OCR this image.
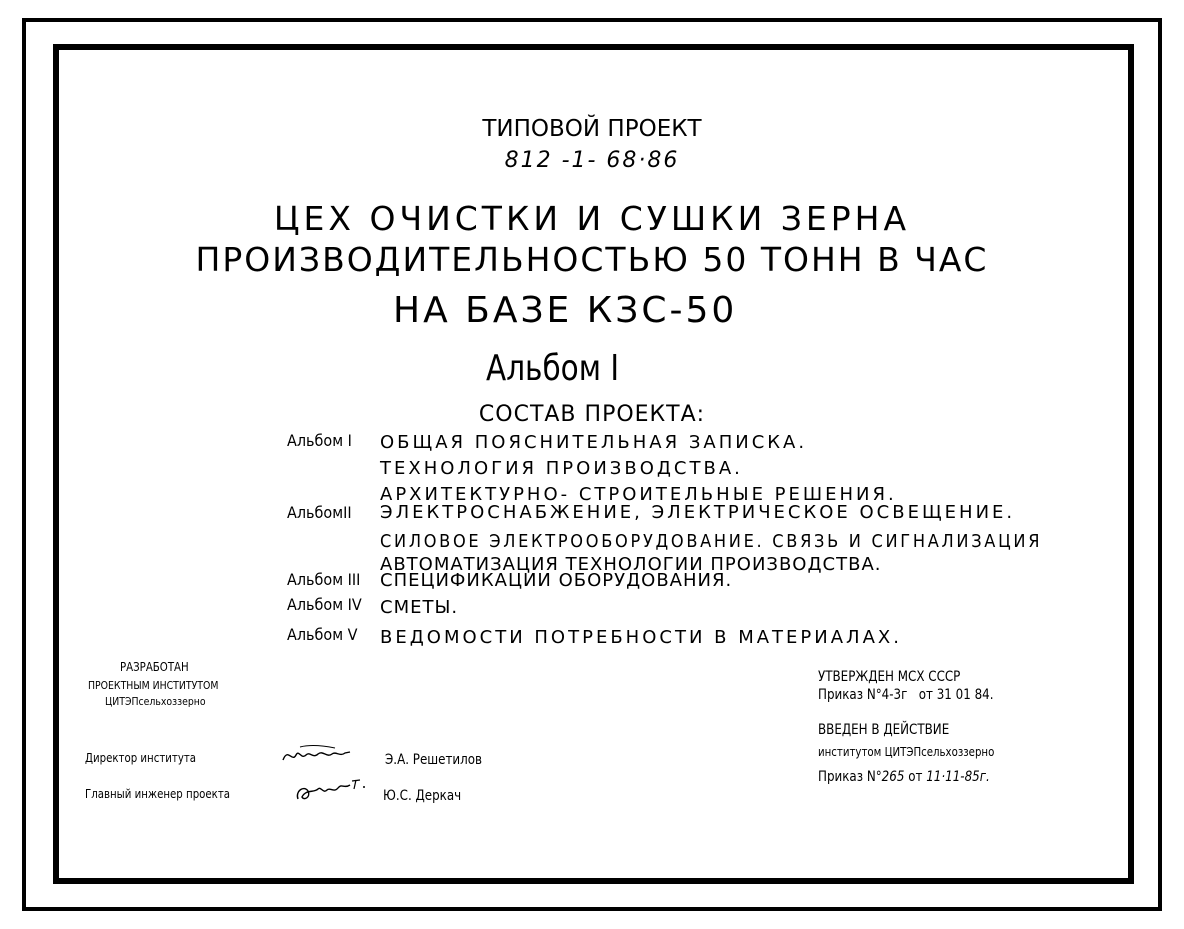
ТИПОВОЙ ПРОЕКТ
812 -1- 68·86
ЦЕХ ОЧИСТКИ И СУШКИ ЗЕРНА
ПРОИЗВОДИТЕЛЬНОСТЬЮ 50 ТОНН В ЧАС
НА БАЗЕ КЗС-50
Альбом I
СОСТАВ ПРОЕКТА:
Альбом I ОБЩАЯ ПОЯСНИТЕЛЬНАЯ ЗАПИСКА.
ТЕХНОЛОГИЯ ПРОИЗВОДСТВА.
АРХИТЕКТУРНО- СТРОИТЕЛЬНЫЕ РЕШЕНИЯ.
АльбомII ЭЛЕКТРОСНАБЖЕНИЕ, ЭЛЕКТРИЧЕСКОЕ ОСВЕЩЕНИЕ.
СИЛОВОЕ ЭЛЕКТРООБОРУДОВАНИЕ. СВЯЗЬ И СИГНАЛИЗАЦИЯ
АВТОМАТИЗАЦИЯ ТЕХНОЛОГИИ ПРОИЗВОДСТВА.
Альбом III СПЕЦИФИКАЦИИ ОБОРУДОВАНИЯ.
Альбом IV СМЕТЫ.
Альбом V ВЕДОМОСТИ ПОТРЕБНОСТИ В МАТЕРИАЛАХ.
РАЗРАБОТАН
ПРОЕКТНЫМ ИНСТИТУТОМ
ЦИТЭПсельхоззерно
Директор института	Э.А. Решетилов
Главный инженер проекта	Ю.С. Деркач
УТВЕРЖДЕН МСХ СССР
Приказ N°4-3г от 31 01 84.
ВВЕДЕН В ДЕЙСТВИЕ
институтом ЦИТЭПсельхоззерно
Приказ N°265 от 11·11-85г.
